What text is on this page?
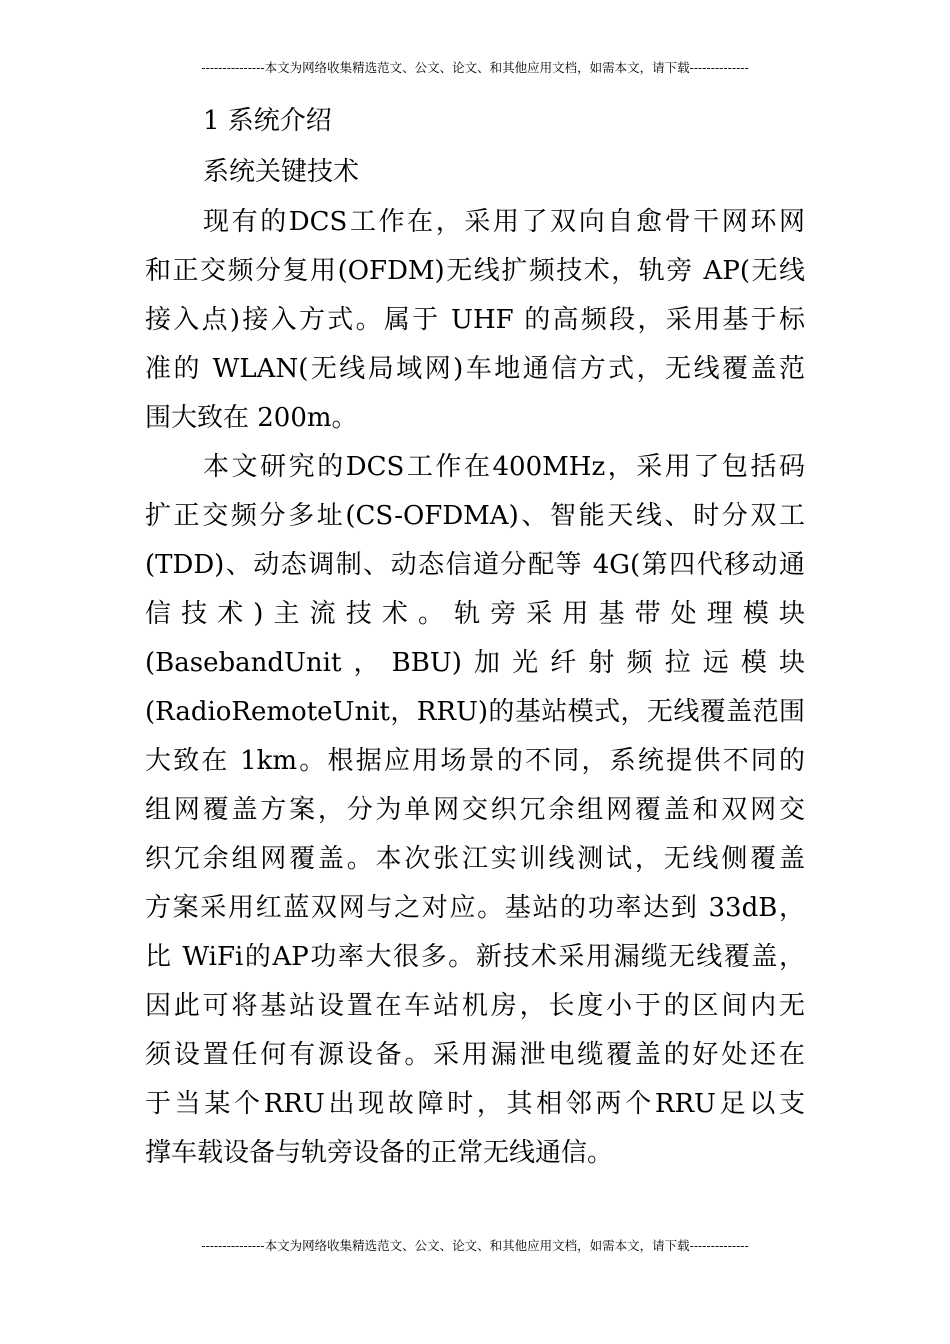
---------------本文为网络收集精选范文、公文、论文、和其他应用文档，如需本文，请下载--------------
1 系统介绍
系统关键技术
现有的DCS工作在，采用了双向自愈骨干网环网
和正交频分复用(OFDM)无线扩频技术，轨旁 AP(无线
接入点)接入方式。属于 UHF 的高频段，采用基于标
准的 WLAN(无线局域网)车地通信方式，无线覆盖范
围大致在 200m。
本文研究的DCS工作在400MHz，采用了包括码
扩正交频分多址(CS-OFDMA)、智能天线、时分双工
(TDD)、动态调制、动态信道分配等 4G(第四代移动通
信技术)主流技术。轨旁采用基带处理模块
(BasebandUnit，BBU)加光纤射频拉远模块
(RadioRemoteUnit，RRU)的基站模式，无线覆盖范围
大致在 1km。根据应用场景的不同，系统提供不同的
组网覆盖方案，分为单网交织冗余组网覆盖和双网交
织冗余组网覆盖。本次张江实训线测试，无线侧覆盖
方案采用红蓝双网与之对应。基站的功率达到 33dB，
比 WiFi的AP功率大很多。新技术采用漏缆无线覆盖，
因此可将基站设置在车站机房，长度小于的区间内无
须设置任何有源设备。采用漏泄电缆覆盖的好处还在
于当某个RRU出现故障时，其相邻两个RRU足以支
撑车载设备与轨旁设备的正常无线通信。
---------------本文为网络收集精选范文、公文、论文、和其他应用文档，如需本文，请下载--------------
